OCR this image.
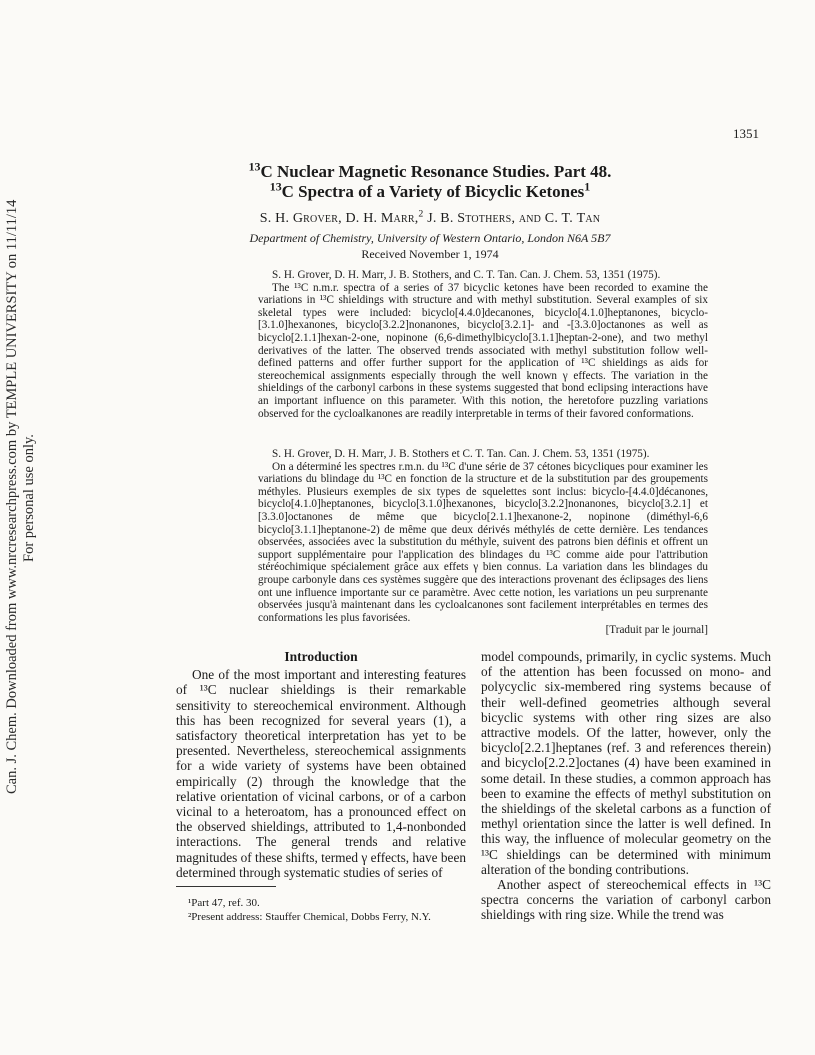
Can. J. Chem. Downloaded from www.nrcresearchpress.com by TEMPLE UNIVERSITY on 11/11/14 For personal use only.
1351
$^{13}$C Nuclear Magnetic Resonance Studies. Part 48.
$^{13}$C Spectra of a Variety of Bicyclic Ketones$^1$
S. H. Grover, D. H. Marr,$^2$ J. B. Stothers, and C. T. Tan
Department of Chemistry, University of Western Ontario, London N6A 5B7
Received November 1, 1974

S. H. Grover, D. H. Marr, J. B. Stothers, and C. T. Tan. Can. J. Chem. 53, 1351 (1975).

The ¹³C n.m.r. spectra of a series of 37 bicyclic ketones have been recorded to examine the variations in ¹³C shieldings with structure and with methyl substitution. Several examples of six skeletal types were included: bicyclo[4.4.0]decanones, bicyclo[4.1.0]heptanones, bicyclo-[3.1.0]hexanones, bicyclo[3.2.2]nonanones, bicyclo[3.2.1]- and -[3.3.0]octanones as well as bicyclo[2.1.1]hexan-2-one, nopinone (6,6-dimethylbicyclo[3.1.1]heptan-2-one), and two methyl derivatives of the latter. The observed trends associated with methyl substitution follow well-defined patterns and offer further support for the application of ¹³C shieldings as aids for stereochemical assignments especially through the well known γ effects. The variation in the shieldings of the carbonyl carbons in these systems suggested that bond eclipsing interactions have an important influence on this parameter. With this notion, the heretofore puzzling variations observed for the cycloalkanones are readily interpretable in terms of their favored conformations.

S. H. Grover, D. H. Marr, J. B. Stothers et C. T. Tan. Can. J. Chem. 53, 1351 (1975).

On a déterminé les spectres r.m.n. du ¹³C d'une série de 37 cétones bicycliques pour examiner les variations du blindage du ¹³C en fonction de la structure et de la substitution par des groupements méthyles. Plusieurs exemples de six types de squelettes sont inclus: bicyclo-[4.4.0]décanones, bicyclo[4.1.0]heptanones, bicyclo[3.1.0]hexanones, bicyclo[3.2.2]nonanones, bicyclo[3.2.1] et [3.3.0]octanones de même que bicyclo[2.1.1]hexanone-2, nopinone (diméthyl-6,6 bicyclo[3.1.1]heptanone-2) de même que deux dérivés méthylés de cette dernière. Les tendances observées, associées avec la substitution du méthyle, suivent des patrons bien définis et offrent un support supplémentaire pour l'application des blindages du ¹³C comme aide pour l'attribution stéréochimique spécialement grâce aux effets γ bien connus. La variation dans les blindages du groupe carbonyle dans ces systèmes suggère que des interactions provenant des éclipsages des liens ont une influence importante sur ce paramètre. Avec cette notion, les variations un peu surprenante observées jusqu'à maintenant dans les cycloalcanones sont facilement interprétables en termes des conformations les plus favorisées.

[Traduit par le journal]

Introduction

One of the most important and interesting features of ¹³C nuclear shieldings is their remarkable sensitivity to stereochemical environment. Although this has been recognized for several years (1), a satisfactory theoretical interpretation has yet to be presented. Nevertheless, stereochemical assignments for a wide variety of systems have been obtained empirically (2) through the knowledge that the relative orientation of vicinal carbons, or of a carbon vicinal to a heteroatom, has a pronounced effect on the observed shieldings, attributed to 1,4-nonbonded interactions. The general trends and relative magnitudes of these shifts, termed γ effects, have been determined through systematic studies of series of

model compounds, primarily, in cyclic systems. Much of the attention has been focussed on mono- and polycyclic six-membered ring systems because of their well-defined geometries although several bicyclic systems with other ring sizes are also attractive models. Of the latter, however, only the bicyclo[2.2.1]heptanes (ref. 3 and references therein) and bicyclo[2.2.2]octanes (4) have been examined in some detail. In these studies, a common approach has been to examine the effects of methyl substitution on the shieldings of the skeletal carbons as a function of methyl orientation since the latter is well defined. In this way, the influence of molecular geometry on the ¹³C shieldings can be determined with minimum alteration of the bonding contributions.

Another aspect of stereochemical effects in ¹³C spectra concerns the variation of carbonyl carbon shieldings with ring size. While the trend was

¹Part 47, ref. 30.
²Present address: Stauffer Chemical, Dobbs Ferry, N.Y.
